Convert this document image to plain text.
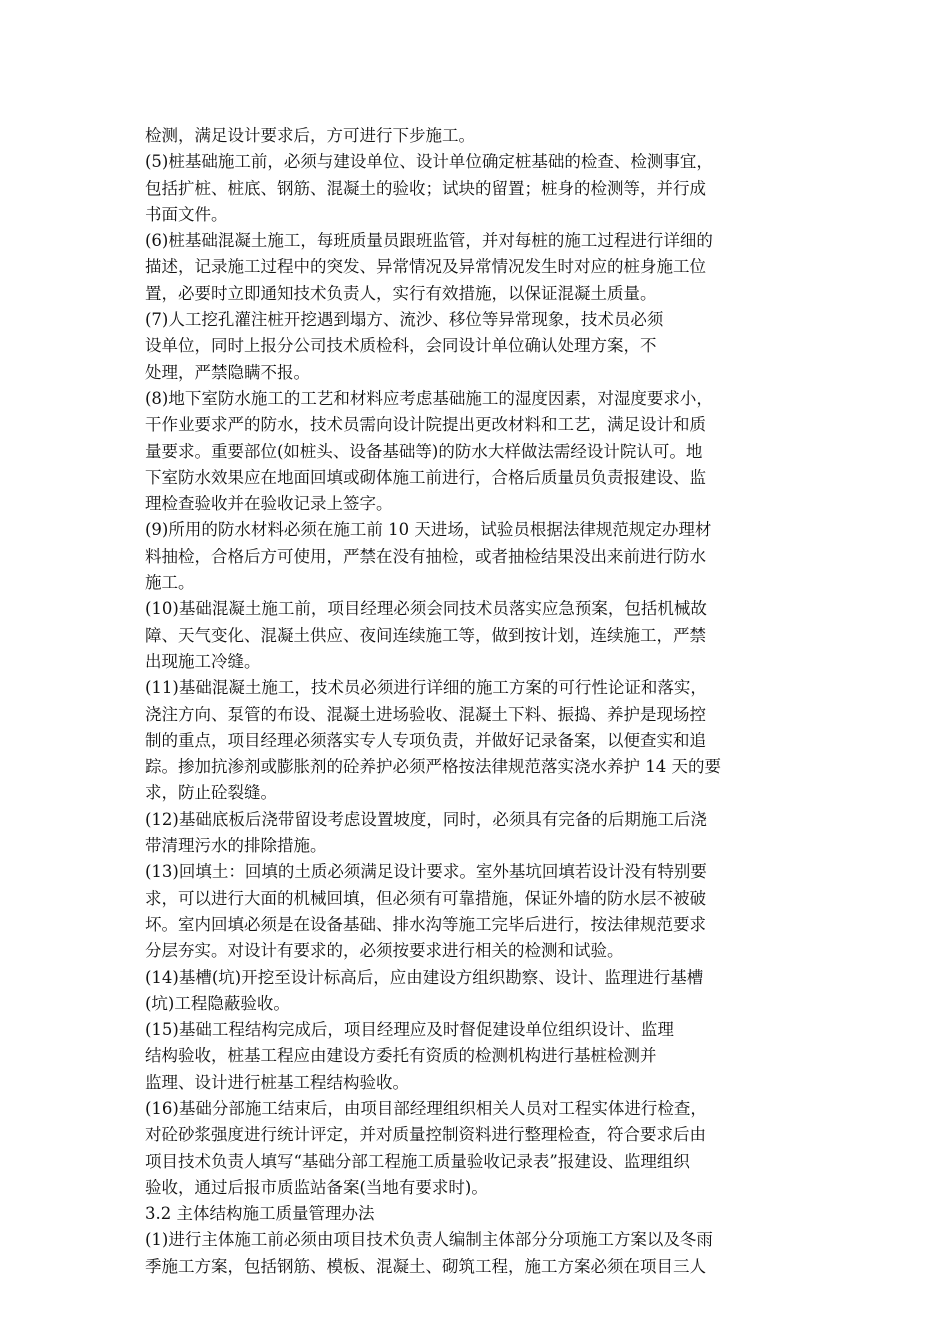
检测，满足设计要求后，方可进行下步施工。
(5)桩基础施工前，必须与建设单位、设计单位确定桩基础的检查、检测事宜，
包括扩桩、桩底、钢筋、混凝土的验收；试块的留置；桩身的检测等，并行成
书面文件。
(6)桩基础混凝土施工，每班质量员跟班监管，并对每桩的施工过程进行详细的
描述，记录施工过程中的突发、异常情况及异常情况发生时对应的桩身施工位
置，必要时立即通知技术负责人，实行有效措施，以保证混凝土质量。
(7)人工挖孔灌注桩开挖遇到塌方、流沙、移位等异常现象，技术员必须
设单位，同时上报分公司技术质检科，会同设计单位确认处理方案，不
处理，严禁隐瞒不报。
(8)地下室防水施工的工艺和材料应考虑基础施工的湿度因素，对湿度要求小，
干作业要求严的防水，技术员需向设计院提出更改材料和工艺，满足设计和质
量要求。重要部位(如桩头、设备基础等)的防水大样做法需经设计院认可。地
下室防水效果应在地面回填或砌体施工前进行，合格后质量员负责报建设、监
理检查验收并在验收记录上签字。
(9)所用的防水材料必须在施工前 10 天进场，试验员根据法律规范规定办理材
料抽检，合格后方可使用，严禁在没有抽检，或者抽检结果没出来前进行防水
施工。
(10)基础混凝土施工前，项目经理必须会同技术员落实应急预案，包括机械故
障、天气变化、混凝土供应、夜间连续施工等，做到按计划，连续施工，严禁
出现施工冷缝。
(11)基础混凝土施工，技术员必须进行详细的施工方案的可行性论证和落实，
浇注方向、泵管的布设、混凝土进场验收、混凝土下料、振捣、养护是现场控
制的重点，项目经理必须落实专人专项负责，并做好记录备案，以便查实和追
踪。掺加抗渗剂或膨胀剂的砼养护必须严格按法律规范落实浇水养护 14 天的要
求，防止砼裂缝。
(12)基础底板后浇带留设考虑设置坡度，同时，必须具有完备的后期施工后浇
带清理污水的排除措施。
(13)回填土：回填的土质必须满足设计要求。室外基坑回填若设计没有特别要
求，可以进行大面的机械回填，但必须有可靠措施，保证外墙的防水层不被破
坏。室内回填必须是在设备基础、排水沟等施工完毕后进行，按法律规范要求
分层夯实。对设计有要求的，必须按要求进行相关的检测和试验。
(14)基槽(坑)开挖至设计标高后，应由建设方组织勘察、设计、监理进行基槽
(坑)工程隐蔽验收。
(15)基础工程结构完成后，项目经理应及时督促建设单位组织设计、监理
结构验收，桩基工程应由建设方委托有资质的检测机构进行基桩检测并
监理、设计进行桩基工程结构验收。
(16)基础分部施工结束后，由项目部经理组织相关人员对工程实体进行检查，
对砼砂浆强度进行统计评定，并对质量控制资料进行整理检查，符合要求后由
项目技术负责人填写“基础分部工程施工质量验收记录表”报建设、监理组织
验收，通过后报市质监站备案(当地有要求时)。
3.2 主体结构施工质量管理办法
(1)进行主体施工前必须由项目技术负责人编制主体部分分项施工方案以及冬雨
季施工方案，包括钢筋、模板、混凝土、砌筑工程，施工方案必须在项目三人
